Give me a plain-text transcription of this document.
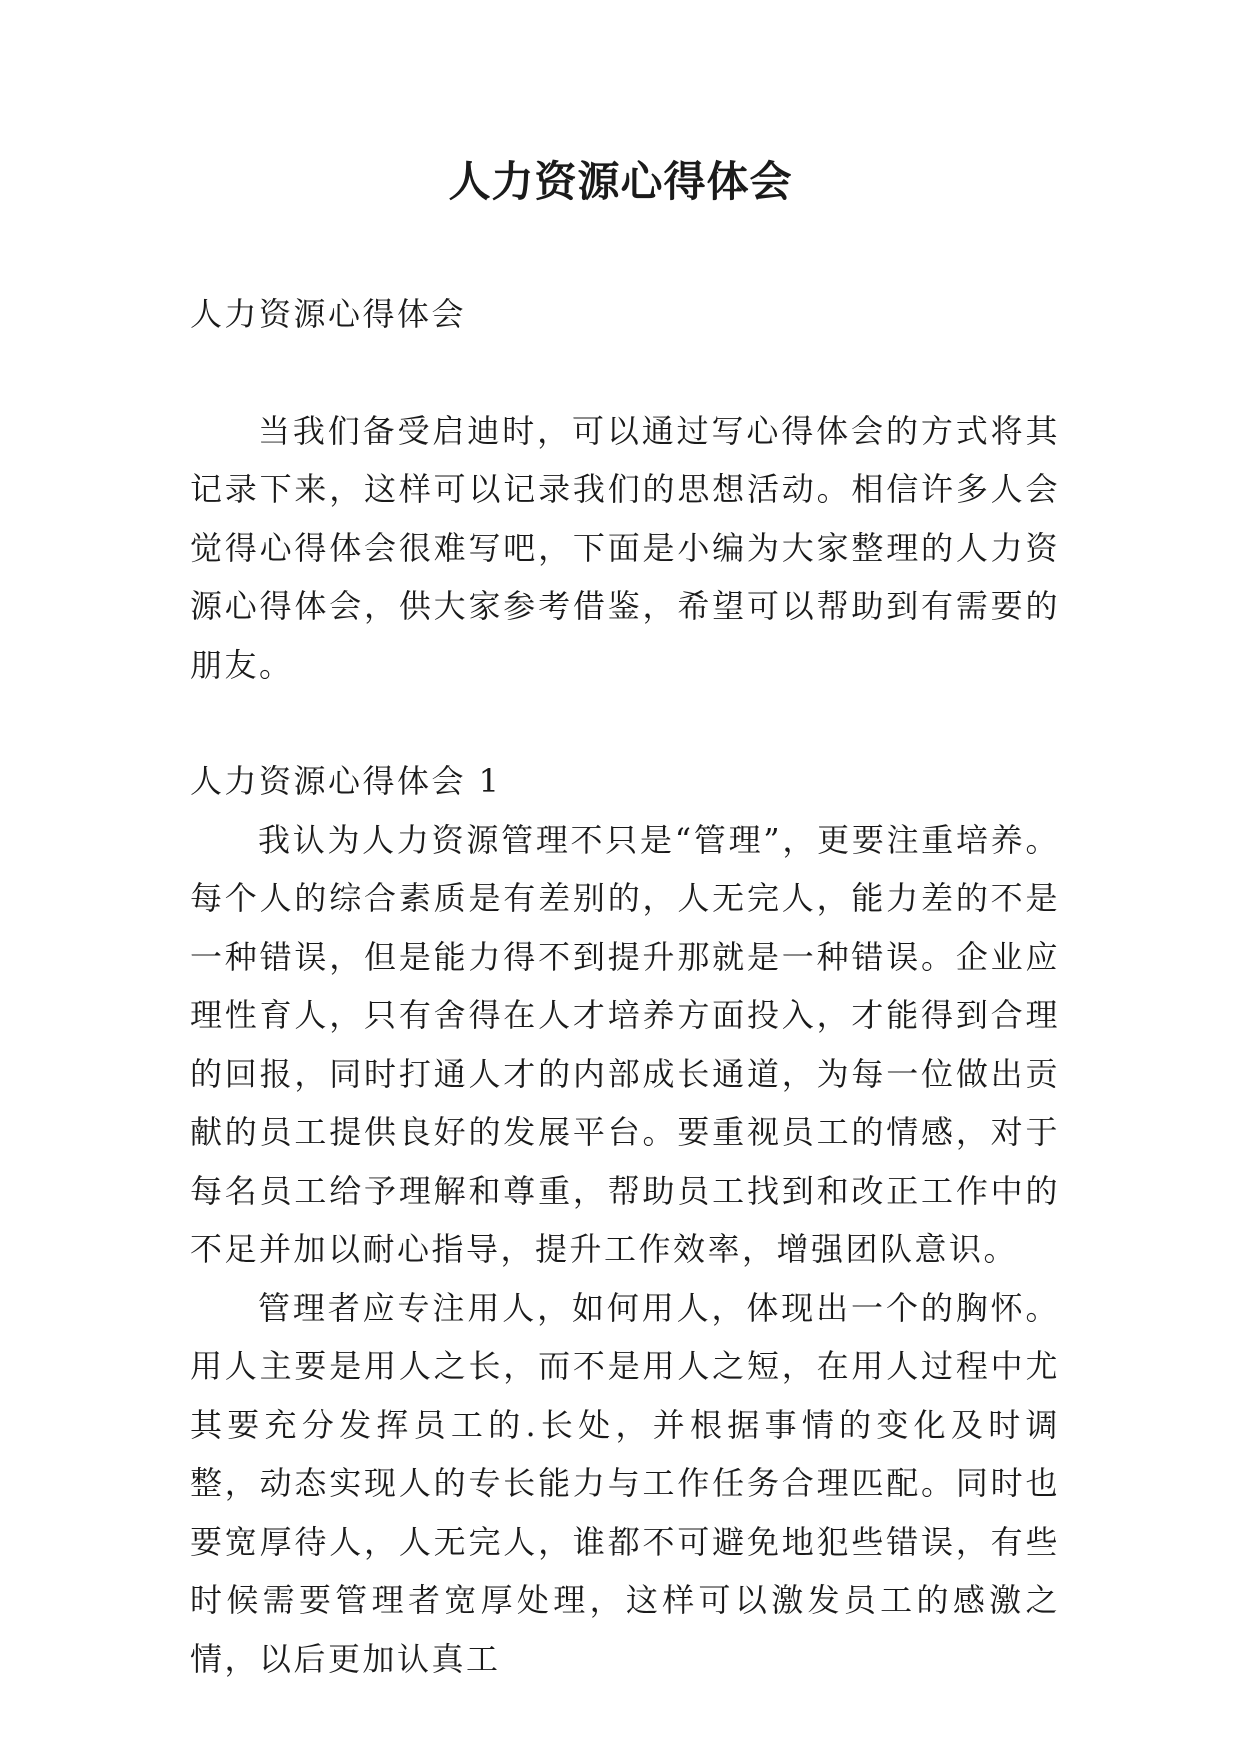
人力资源心得体会

人力资源心得体会

当我们备受启迪时，可以通过写心得体会的方式将其记录下来，这样可以记录我们的思想活动。相信许多人会觉得心得体会很难写吧，下面是小编为大家整理的人力资源心得体会，供大家参考借鉴，希望可以帮助到有需要的朋友。

人力资源心得体会 1

我认为人力资源管理不只是“管理”，更要注重培养。每个人的综合素质是有差别的，人无完人，能力差的不是一种错误，但是能力得不到提升那就是一种错误。企业应理性育人，只有舍得在人才培养方面投入，才能得到合理的回报，同时打通人才的内部成长通道，为每一位做出贡献的员工提供良好的发展平台。要重视员工的情感，对于每名员工给予理解和尊重，帮助员工找到和改正工作中的不足并加以耐心指导，提升工作效率，增强团队意识。

管理者应专注用人，如何用人，体现出一个的胸怀。用人主要是用人之长，而不是用人之短，在用人过程中尤其要充分发挥员工的.长处，并根据事情的变化及时调整，动态实现人的专长能力与工作任务合理匹配。同时也要宽厚待人，人无完人，谁都不可避免地犯些错误，有些时候需要管理者宽厚处理，这样可以激发员工的感激之情，以后更加认真工
